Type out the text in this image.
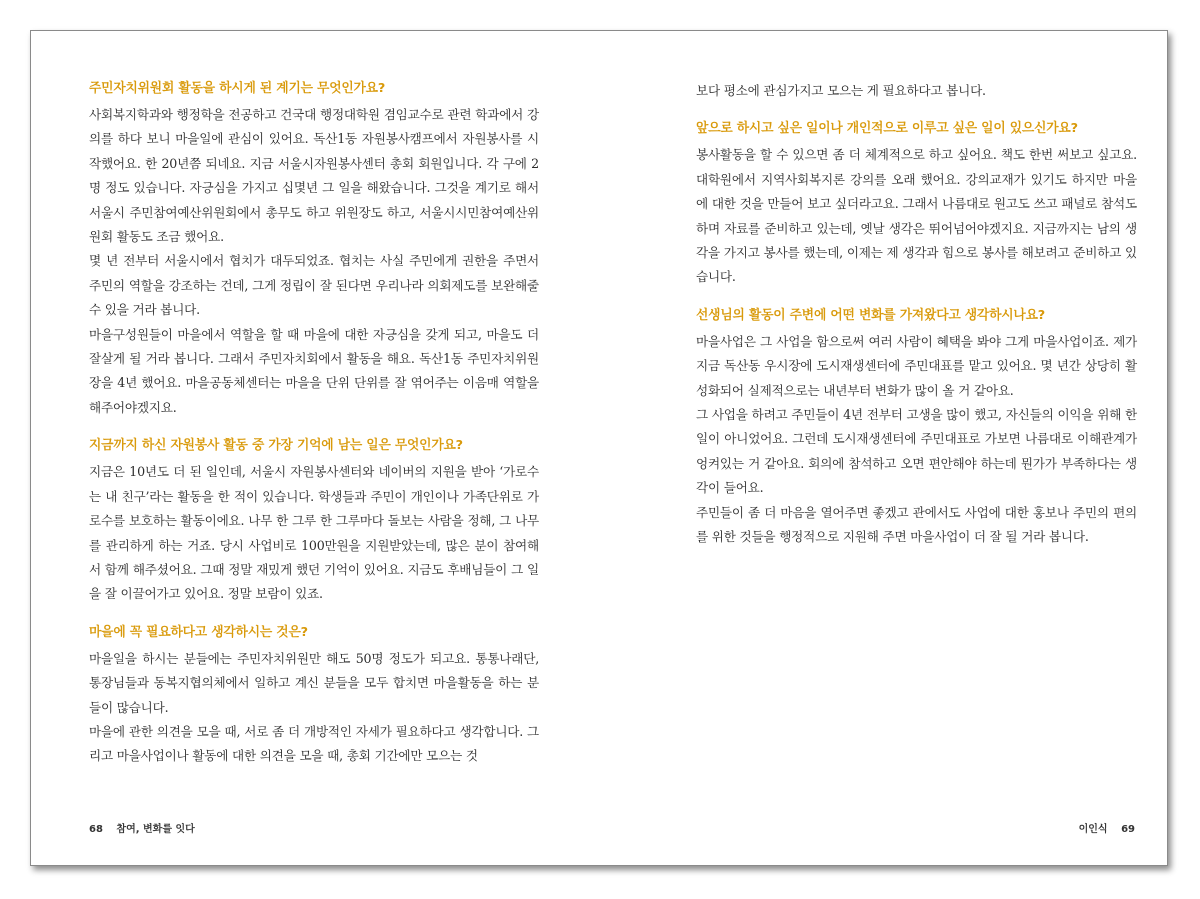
주민자치위원회 활동을 하시게 된 계기는 무엇인가요?

사회복지학과와 행정학을 전공하고 건국대 행정대학원 겸임교수로 관련 학과에서 강의를 하다 보니 마을일에 관심이 있어요. 독산1동 자원봉사캠프에서 자원봉사를 시작했어요. 한 20년쯤 되네요. 지금 서울시자원봉사센터 총회 회원입니다. 각 구에 2명 정도 있습니다. 자긍심을 가지고 십몇년 그 일을 해왔습니다. 그것을 계기로 해서 서울시 주민참여예산위원회에서 총무도 하고 위원장도 하고, 서울시시민참여예산위원회 활동도 조금 했어요.

몇 년 전부터 서울시에서 협치가 대두되었죠. 협치는 사실 주민에게 권한을 주면서 주민의 역할을 강조하는 건데, 그게 정립이 잘 된다면 우리나라 의회제도를 보완해줄 수 있을 거라 봅니다.

마을구성원들이 마을에서 역할을 할 때 마을에 대한 자긍심을 갖게 되고, 마을도 더 잘살게 될 거라 봅니다. 그래서 주민자치회에서 활동을 해요. 독산1동 주민자치위원장을 4년 했어요. 마을공동체센터는 마을을 단위 단위를 잘 엮어주는 이음매 역할을 해주어야겠지요.

지금까지 하신 자원봉사 활동 중 가장 기억에 남는 일은 무엇인가요?

지금은 10년도 더 된 일인데, 서울시 자원봉사센터와 네이버의 지원을 받아 ‘가로수는 내 친구’라는 활동을 한 적이 있습니다. 학생들과 주민이 개인이나 가족단위로 가로수를 보호하는 활동이에요. 나무 한 그루 한 그루마다 돌보는 사람을 정해, 그 나무를 관리하게 하는 거죠. 당시 사업비로 100만원을 지원받았는데, 많은 분이 참여해서 함께 해주셨어요. 그때 정말 재밌게 했던 기억이 있어요. 지금도 후배님들이 그 일을 잘 이끌어가고 있어요. 정말 보람이 있죠.

마을에 꼭 필요하다고 생각하시는 것은?

마을일을 하시는 분들에는 주민자치위원만 해도 50명 정도가 되고요. 통통나래단, 통장님들과 동복지협의체에서 일하고 계신 분들을 모두 합치면 마을활동을 하는 분들이 많습니다.

마을에 관한 의견을 모을 때, 서로 좀 더 개방적인 자세가 필요하다고 생각합니다. 그리고 마을사업이나 활동에 대한 의견을 모을 때, 총회 기간에만 모으는 것

68 참여, 변화를 잇다

보다 평소에 관심가지고 모으는 게 필요하다고 봅니다.

앞으로 하시고 싶은 일이나 개인적으로 이루고 싶은 일이 있으신가요?

봉사활동을 할 수 있으면 좀 더 체계적으로 하고 싶어요. 책도 한번 써보고 싶고요. 대학원에서 지역사회복지론 강의를 오래 했어요. 강의교재가 있기도 하지만 마을에 대한 것을 만들어 보고 싶더라고요. 그래서 나름대로 원고도 쓰고 패널로 참석도 하며 자료를 준비하고 있는데, 옛날 생각은 뛰어넘어야겠지요. 지금까지는 남의 생각을 가지고 봉사를 했는데, 이제는 제 생각과 힘으로 봉사를 해보려고 준비하고 있습니다.

선생님의 활동이 주변에 어떤 변화를 가져왔다고 생각하시나요?

마을사업은 그 사업을 함으로써 여러 사람이 혜택을 봐야 그게 마을사업이죠. 제가 지금 독산동 우시장에 도시재생센터에 주민대표를 맡고 있어요. 몇 년간 상당히 활성화되어 실제적으로는 내년부터 변화가 많이 올 거 같아요.

그 사업을 하려고 주민들이 4년 전부터 고생을 많이 했고, 자신들의 이익을 위해 한 일이 아니었어요. 그런데 도시재생센터에 주민대표로 가보면 나름대로 이해관계가 엉켜있는 거 같아요. 회의에 참석하고 오면 편안해야 하는데 뭔가가 부족하다는 생각이 들어요.

주민들이 좀 더 마음을 열어주면 좋겠고 관에서도 사업에 대한 홍보나 주민의 편의를 위한 것들을 행정적으로 지원해 주면 마을사업이 더 잘 될 거라 봅니다.

이인식 69
